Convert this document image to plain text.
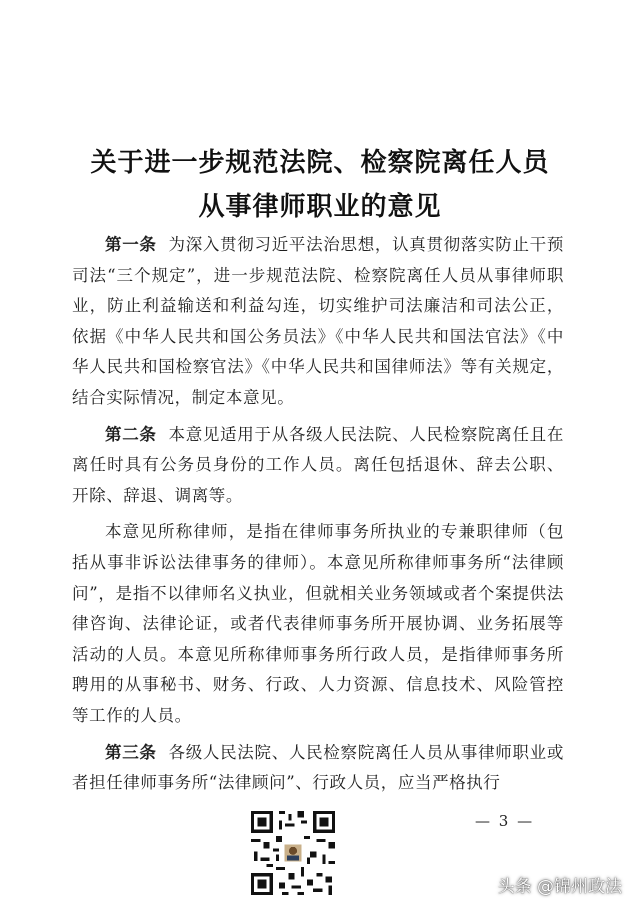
关于进一步规范法院、检察院离任人员
从事律师职业的意见

第一条 为深入贯彻习近平法治思想，认真贯彻落实防止干预司法“三个规定”，进一步规范法院、检察院离任人员从事律师职业，防止利益输送和利益勾连，切实维护司法廉洁和司法公正，依据《中华人民共和国公务员法》《中华人民共和国法官法》《中华人民共和国检察官法》《中华人民共和国律师法》等有关规定，结合实际情况，制定本意见。

第二条 本意见适用于从各级人民法院、人民检察院离任且在离任时具有公务员身份的工作人员。离任包括退休、辞去公职、开除、辞退、调离等。

本意见所称律师，是指在律师事务所执业的专兼职律师（包括从事非诉讼法律事务的律师）。本意见所称律师事务所“法律顾问”，是指不以律师名义执业，但就相关业务领域或者个案提供法律咨询、法律论证，或者代表律师事务所开展协调、业务拓展等活动的人员。本意见所称律师事务所行政人员，是指律师事务所聘用的从事秘书、财务、行政、人力资源、信息技术、风险管控等工作的人员。

第三条 各级人民法院、人民检察院离任人员从事律师职业或者担任律师事务所“法律顾问”、行政人员，应当严格执行

— 3 —
头条 @锦州政法
